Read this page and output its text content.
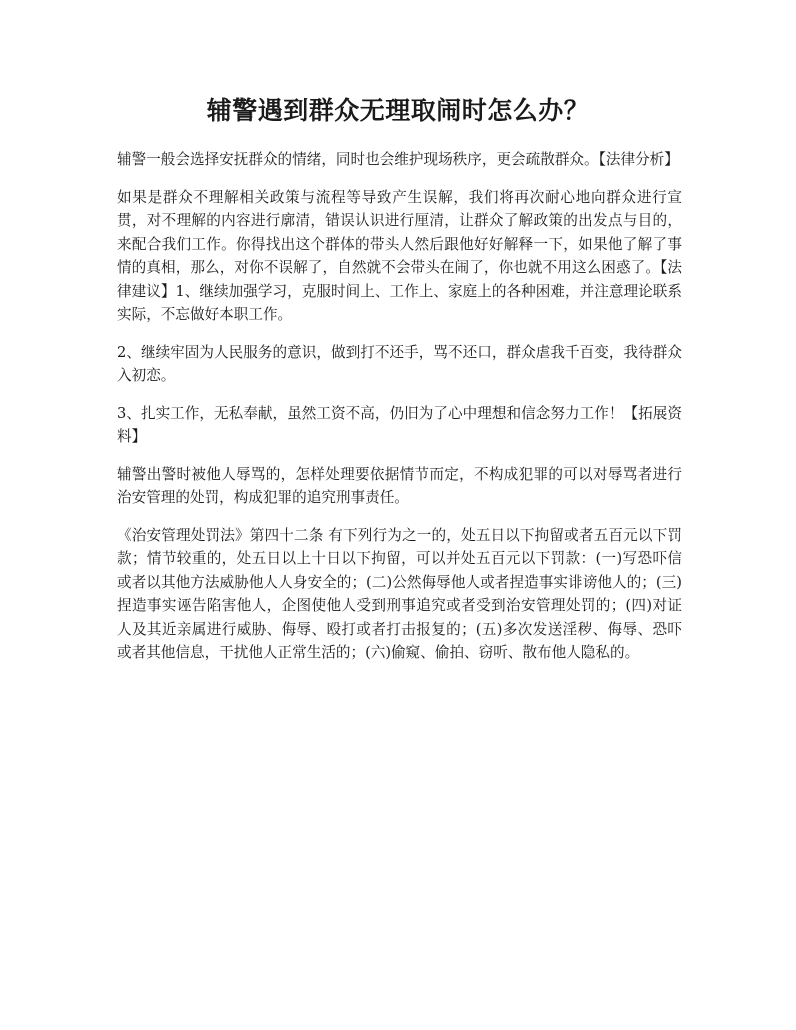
辅警遇到群众无理取闹时怎么办？

辅警一般会选择安抚群众的情绪，同时也会维护现场秩序，更会疏散群众。【法律分析】

如果是群众不理解相关政策与流程等导致产生误解，我们将再次耐心地向群众进行宣贯，对不理解的内容进行廓清，错误认识进行厘清，让群众了解政策的出发点与目的，来配合我们工作。你得找出这个群体的带头人然后跟他好好解释一下，如果他了解了事情的真相，那么，对你不误解了，自然就不会带头在闹了，你也就不用这么困惑了。【法律建议】1、继续加强学习，克服时间上、工作上、家庭上的各种困难，并注意理论联系实际，不忘做好本职工作。

2、继续牢固为人民服务的意识，做到打不还手，骂不还口，群众虐我千百变，我待群众入初恋。

3、扎实工作，无私奉献，虽然工资不高，仍旧为了心中理想和信念努力工作！【拓展资料】

辅警出警时被他人辱骂的，怎样处理要依据情节而定，不构成犯罪的可以对辱骂者进行治安管理的处罚，构成犯罪的追究刑事责任。

《治安管理处罚法》第四十二条 有下列行为之一的，处五日以下拘留或者五百元以下罚款；情节较重的，处五日以上十日以下拘留，可以并处五百元以下罚款：(一)写恐吓信或者以其他方法威胁他人人身安全的；(二)公然侮辱他人或者捏造事实诽谤他人的；(三)捏造事实诬告陷害他人，企图使他人受到刑事追究或者受到治安管理处罚的；(四)对证人及其近亲属进行威胁、侮辱、殴打或者打击报复的；(五)多次发送淫秽、侮辱、恐吓或者其他信息，干扰他人正常生活的；(六)偷窥、偷拍、窃听、散布他人隐私的。
